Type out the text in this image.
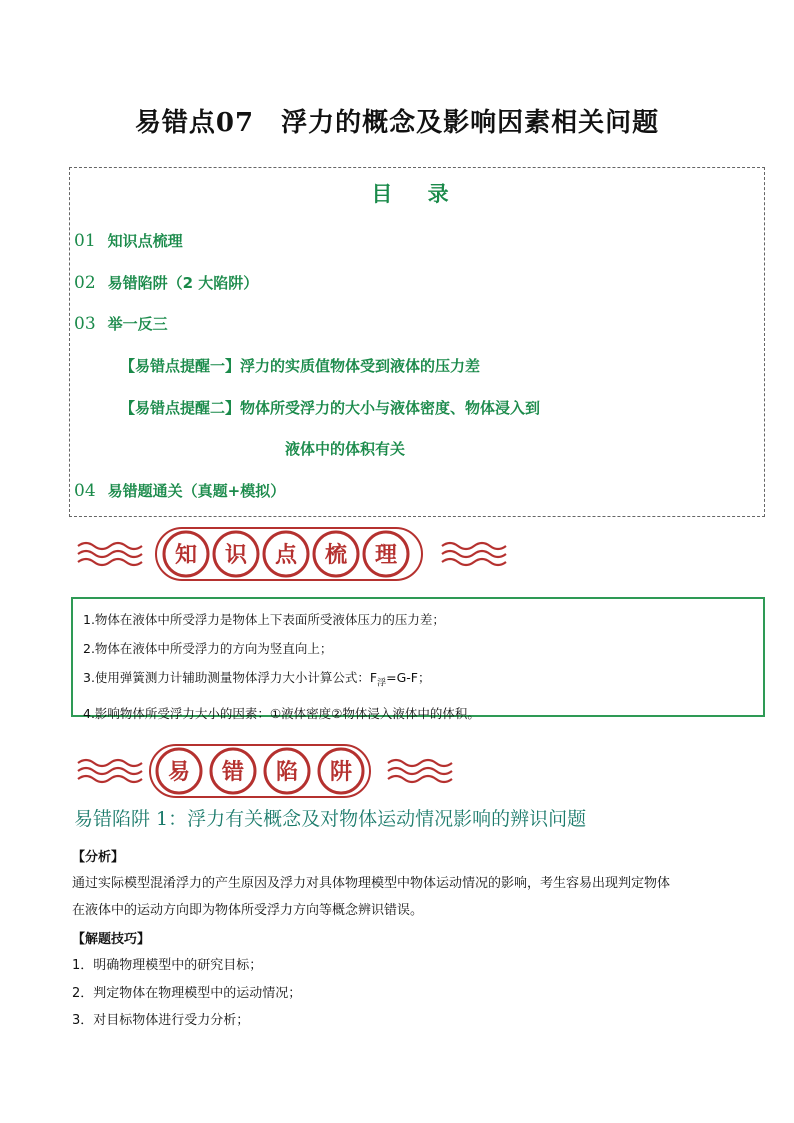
易错点07　浮力的概念及影响因素相关问题
目 录
01 知识点梳理
02 易错陷阱（2 大陷阱）
03 举一反三
【易错点提醒一】浮力的实质值物体受到液体的压力差
【易错点提醒二】物体所受浮力的大小与液体密度、物体浸入到
液体中的体积有关
04 易错题通关（真题+模拟）
知 识 点 梳 理
1.物体在液体中所受浮力是物体上下表面所受液体压力的压力差；
2.物体在液体中所受浮力的方向为竖直向上；
3.使用弹簧测力计辅助测量物体浮力大小计算公式：$F_浮=G-F$；
4.影响物体所受浮力大小的因素：①液体密度②物体浸入液体中的体积。
易 错 陷 阱
易错陷阱 1：浮力有关概念及对物体运动情况影响的辨识问题
【分析】
通过实际模型混淆浮力的产生原因及浮力对具体物理模型中物体运动情况的影响，考生容易出现判定物体
在液体中的运动方向即为物体所受浮力方向等概念辨识错误。
【解题技巧】
1．明确物理模型中的研究目标；
2．判定物体在物理模型中的运动情况；
3．对目标物体进行受力分析；
